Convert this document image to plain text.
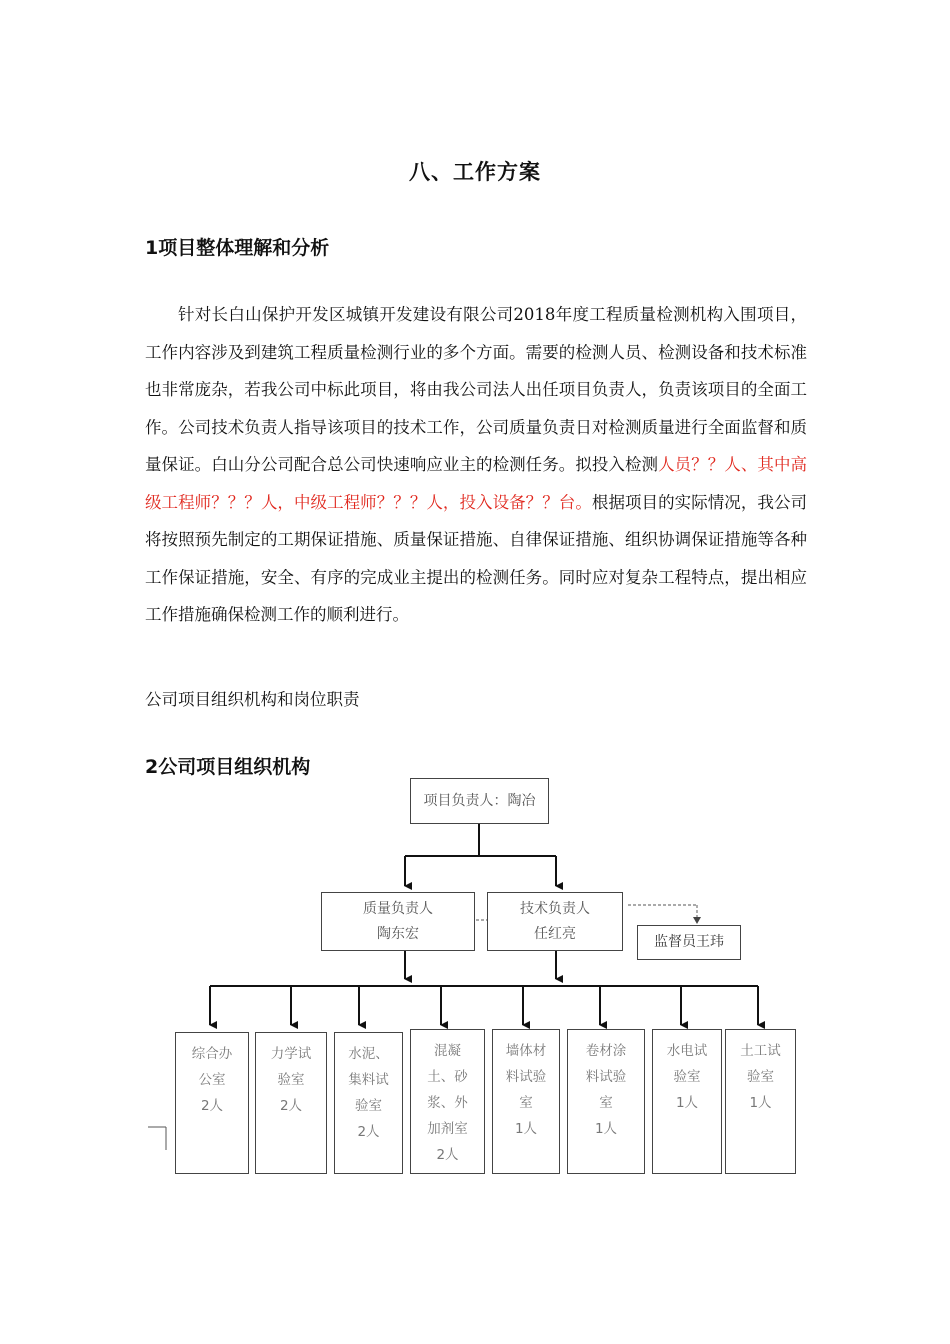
八、工作方案
1项目整体理解和分析
针对长白山保护开发区城镇开发建设有限公司2018年度工程质量检测机构入围项目，工作内容涉及到建筑工程质量检测行业的多个方面。需要的检测人员、检测设备和技术标准也非常庞杂，若我公司中标此项目，将由我公司法人出任项目负责人，负责该项目的全面工作。公司技术负责人指导该项目的技术工作，公司质量负责日对检测质量进行全面监督和质量保证。白山分公司配合总公司快速响应业主的检测任务。拟投入检测人员？？人、其中高级工程师？？？人，中级工程师？？？人，投入设备？？台。根据项目的实际情况，我公司将按照预先制定的工期保证措施、质量保证措施、自律保证措施、组织协调保证措施等各种工作保证措施，安全、有序的完成业主提出的检测任务。同时应对复杂工程特点，提出相应工作措施确保检测工作的顺利进行。
公司项目组织机构和岗位职责
2公司项目组织机构
项目负责人：陶冶
质量负责人
陶东宏
技术负责人
任红亮
监督员王玮
综合办
公室
2人
力学试
验室
2人
水泥、
集料试
验室
2人
混凝
土、砂
浆、外
加剂室
2人
墙体材
料试验
室
1人
卷材涂
料试验
室
1人
水电试
验室
1人
土工试
验室
1人
